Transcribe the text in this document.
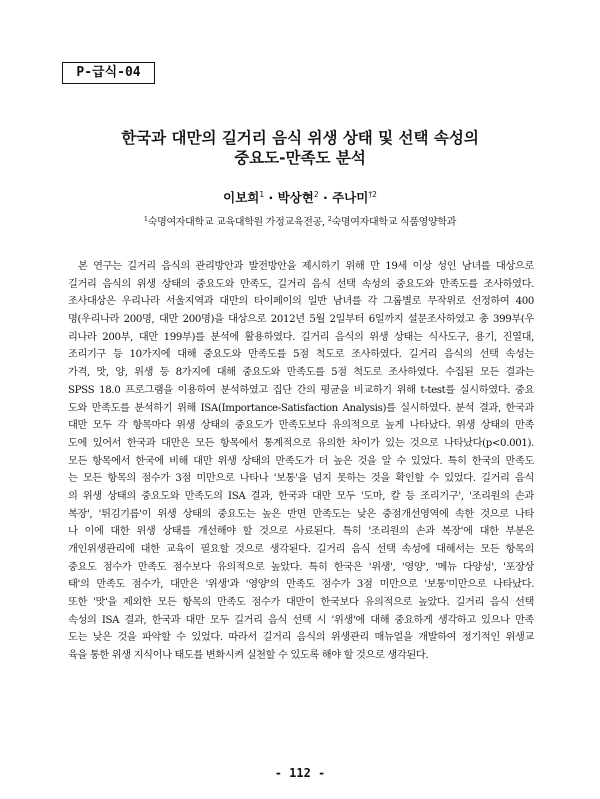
P-급식-04
한국과 대만의 길거리 음식 위생 상태 및 선택 속성의
중요도-만족도 분석
이보희$^1$ · 박상현$^2$ · 주나미$^{\dagger 2}$
$^1$숙명여자대학교 교육대학원 가정교육전공, $^2$숙명여자대학교 식품영양학과
본 연구는 길거리 음식의 관리방안과 발전방안을 제시하기 위해 만 19세 이상 성인 남녀를 대상으로
길거리 음식의 위생 상태의 중요도와 만족도, 길거리 음식 선택 속성의 중요도와 만족도를 조사하였다.
조사대상은 우리나라 서울지역과 대만의 타이페이의 일반 남녀를 각 그룹별로 무작위로 선정하여 400
명(우리나라 200명, 대만 200명)을 대상으로 2012년 5월 2일부터 6일까지 설문조사하였고 총 399부(우
리나라 200부, 대만 199부)를 분석에 활용하였다. 길거리 음식의 위생 상태는 식사도구, 용기, 진열대,
조리기구 등 10가지에 대해 중요도와 만족도를 5점 척도로 조사하였다. 길거리 음식의 선택 속성는
가격, 맛, 양, 위생 등 8가지에 대해 중요도와 만족도를 5점 척도로 조사하였다. 수집된 모든 결과는
SPSS 18.0 프로그램을 이용하여 분석하였고 집단 간의 평균을 비교하기 위해 t-test를 실시하였다. 중요
도와 만족도를 분석하기 위해 ISA(Importance-Satisfaction Analysis)를 실시하였다. 분석 결과, 한국과
대만 모두 각 항목마다 위생 상태의 중요도가 만족도보다 유의적으로 높게 나타났다. 위생 상태의 만족
도에 있어서 한국과 대만은 모든 항목에서 통계적으로 유의한 차이가 있는 것으로 나타났다(p<0.001).
모든 항목에서 한국에 비해 대만 위생 상태의 만족도가 더 높은 것을 알 수 있었다. 특히 한국의 만족도
는 모든 항목의 점수가 3점 미만으로 나타나 '보통'을 넘지 못하는 것을 확인할 수 있었다. 길거리 음식
의 위생 상태의 중요도와 만족도의 ISA 결과, 한국과 대만 모두 '도마, 칼 등 조리기구', '조리원의 손과
복장', '튀김기름'이 위생 상태의 중요도는 높은 반면 만족도는 낮은 중점개선영역에 속한 것으로 나타
나 이에 대한 위생 상태를 개선해야 할 것으로 사료된다. 특히 '조리원의 손과 복장'에 대한 부분은
개인위생관리에 대한 교육이 필요할 것으로 생각된다. 길거리 음식 선택 속성에 대해서는 모든 항목의
중요도 점수가 만족도 점수보다 유의적으로 높았다. 특히 한국은 '위생', '영양', '메뉴 다양성', '포장상
태'의 만족도 점수가, 대만은 '위생'과 '영양'의 만족도 점수가 3점 미만으로 '보통'미만으로 나타났다.
또한 '맛'을 제외한 모든 항목의 만족도 점수가 대만이 한국보다 유의적으로 높았다. 길거리 음식 선택
속성의 ISA 결과, 한국과 대만 모두 길거리 음식 선택 시 '위생'에 대해 중요하게 생각하고 있으나 만족
도는 낮은 것을 파악할 수 있었다. 따라서 길거리 음식의 위생관리 매뉴얼을 개발하여 정기적인 위생교
육을 통한 위생 지식이나 태도를 변화시켜 실천할 수 있도록 해야 할 것으로 생각된다.
- 112 -
